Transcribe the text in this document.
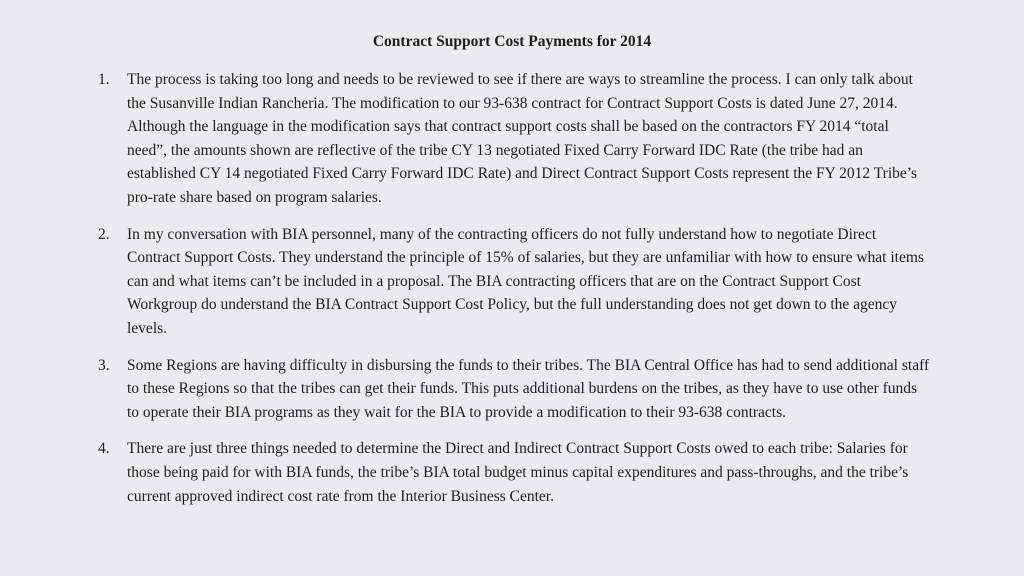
Contract Support Cost Payments for 2014
1. The process is taking too long and needs to be reviewed to see if there are ways to streamline the process. I can only talk about the Susanville Indian Rancheria. The modification to our 93-638 contract for Contract Support Costs is dated June 27, 2014. Although the language in the modification says that contract support costs shall be based on the contractors FY 2014 “total need”, the amounts shown are reflective of the tribe CY 13 negotiated Fixed Carry Forward IDC Rate (the tribe had an established CY 14 negotiated Fixed Carry Forward IDC Rate) and Direct Contract Support Costs represent the FY 2012 Tribe’s pro-rate share based on program salaries.
2. In my conversation with BIA personnel, many of the contracting officers do not fully understand how to negotiate Direct Contract Support Costs. They understand the principle of 15% of salaries, but they are unfamiliar with how to ensure what items can and what items can’t be included in a proposal. The BIA contracting officers that are on the Contract Support Cost Workgroup do understand the BIA Contract Support Cost Policy, but the full understanding does not get down to the agency levels.
3. Some Regions are having difficulty in disbursing the funds to their tribes. The BIA Central Office has had to send additional staff to these Regions so that the tribes can get their funds. This puts additional burdens on the tribes, as they have to use other funds to operate their BIA programs as they wait for the BIA to provide a modification to their 93-638 contracts.
4. There are just three things needed to determine the Direct and Indirect Contract Support Costs owed to each tribe: Salaries for those being paid for with BIA funds, the tribe’s BIA total budget minus capital expenditures and pass-throughs, and the tribe’s current approved indirect cost rate from the Interior Business Center.
